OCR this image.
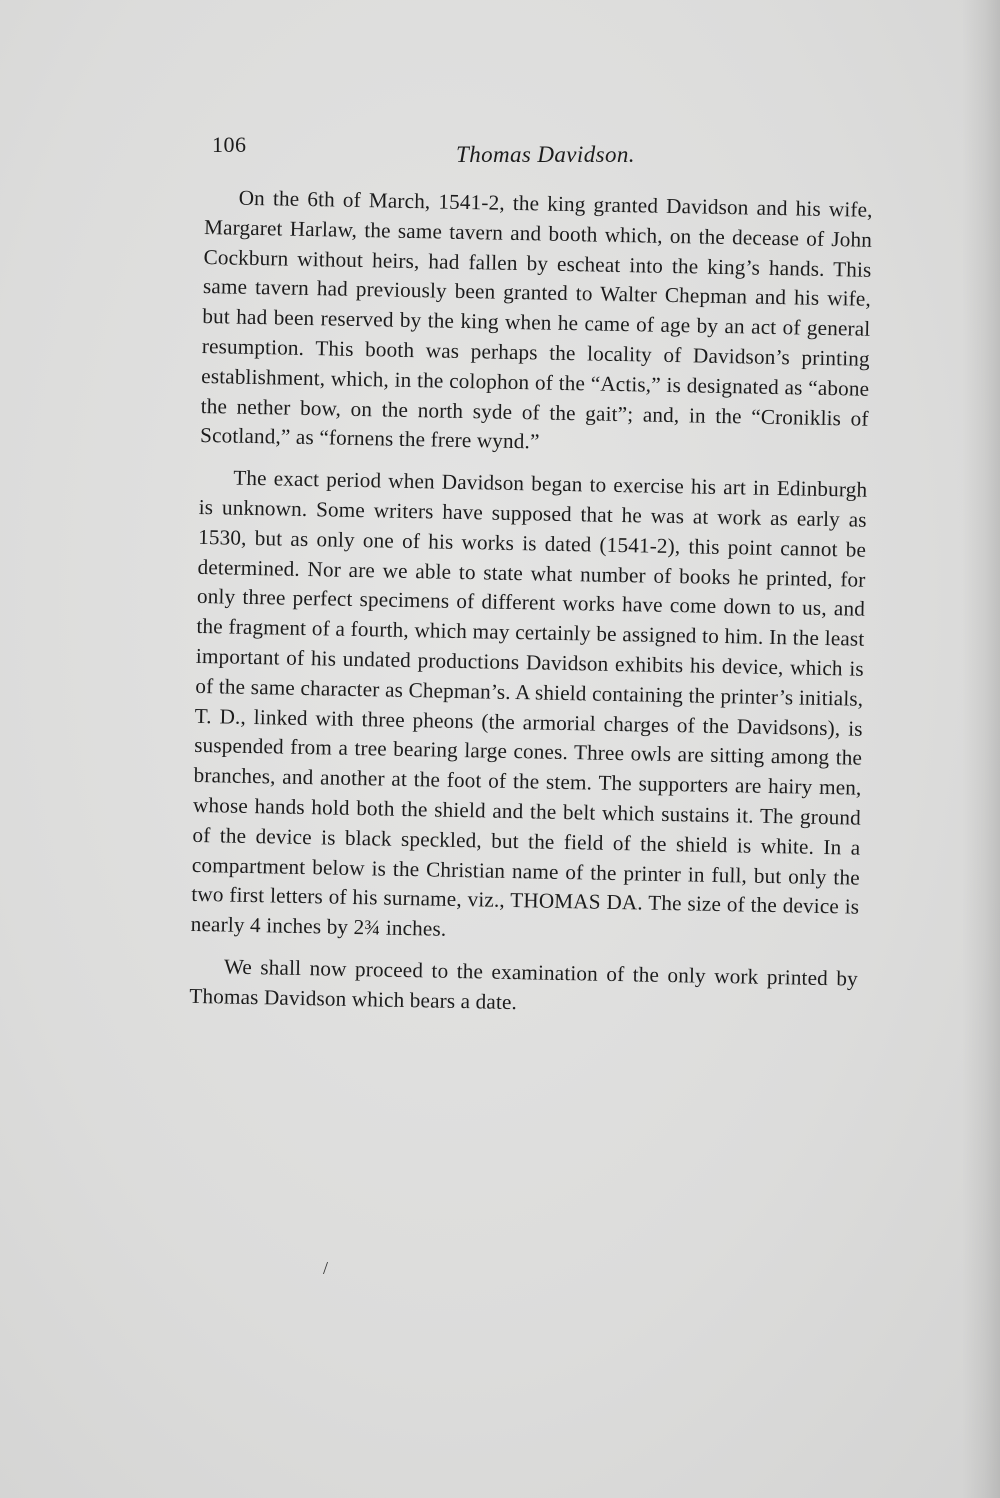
106	Thomas Davidson.

On the 6th of March, 1541-2, the king granted Davidson and his wife, Margaret Harlaw, the same tavern and booth which, on the decease of John Cockburn without heirs, had fallen by escheat into the king’s hands. This same tavern had previously been granted to Walter Chepman and his wife, but had been reserved by the king when he came of age by an act of general resumption. This booth was perhaps the locality of Davidson’s printing establishment, which, in the colophon of the “Actis,” is designated as “abone the nether bow, on the north syde of the gait”; and, in the “Croniklis of Scotland,” as “fornens the frere wynd.”

The exact period when Davidson began to exercise his art in Edinburgh is unknown. Some writers have supposed that he was at work as early as 1530, but as only one of his works is dated (1541-2), this point cannot be determined. Nor are we able to state what number of books he printed, for only three perfect specimens of different works have come down to us, and the fragment of a fourth, which may certainly be assigned to him. In the least important of his undated productions Davidson exhibits his device, which is of the same character as Chepman’s. A shield containing the printer’s initials, T. D., linked with three pheons (the armorial charges of the Davidsons), is suspended from a tree bearing large cones. Three owls are sitting among the branches, and another at the foot of the stem. The supporters are hairy men, whose hands hold both the shield and the belt which sustains it. The ground of the device is black speckled, but the field of the shield is white. In a compartment below is the Christian name of the printer in full, but only the two first letters of his surname, viz., THOMAS DA. The size of the device is nearly 4 inches by 2¾ inches.

We shall now proceed to the examination of the only work printed by Thomas Davidson which bears a date.

/
